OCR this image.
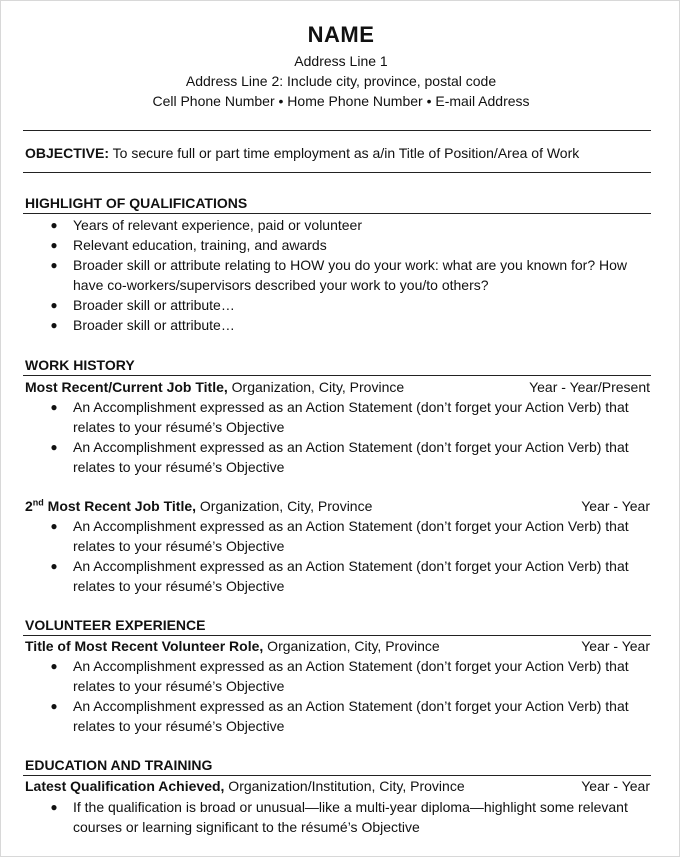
NAME
Address Line 1
Address Line 2: Include city, province, postal code
Cell Phone Number • Home Phone Number • E-mail Address
OBJECTIVE: To secure full or part time employment as a/in Title of Position/Area of Work
HIGHLIGHT OF QUALIFICATIONS
● Years of relevant experience, paid or volunteer
● Relevant education, training, and awards
● Broader skill or attribute relating to HOW you do your work: what are you known for? How have co-workers/supervisors described your work to you/to others?
● Broader skill or attribute…
● Broader skill or attribute…
WORK HISTORY
Most Recent/Current Job Title, Organization, City, Province	Year - Year/Present
● An Accomplishment expressed as an Action Statement (don’t forget your Action Verb) that relates to your résumé’s Objective
● An Accomplishment expressed as an Action Statement (don’t forget your Action Verb) that relates to your résumé’s Objective
2nd Most Recent Job Title, Organization, City, Province	Year - Year
● An Accomplishment expressed as an Action Statement (don’t forget your Action Verb) that relates to your résumé’s Objective
● An Accomplishment expressed as an Action Statement (don’t forget your Action Verb) that relates to your résumé’s Objective
VOLUNTEER EXPERIENCE
Title of Most Recent Volunteer Role, Organization, City, Province	Year - Year
● An Accomplishment expressed as an Action Statement (don’t forget your Action Verb) that relates to your résumé’s Objective
● An Accomplishment expressed as an Action Statement (don’t forget your Action Verb) that relates to your résumé’s Objective
EDUCATION AND TRAINING
Latest Qualification Achieved, Organization/Institution, City, Province	Year - Year
● If the qualification is broad or unusual—like a multi-year diploma—highlight some relevant courses or learning significant to the résumé’s Objective
